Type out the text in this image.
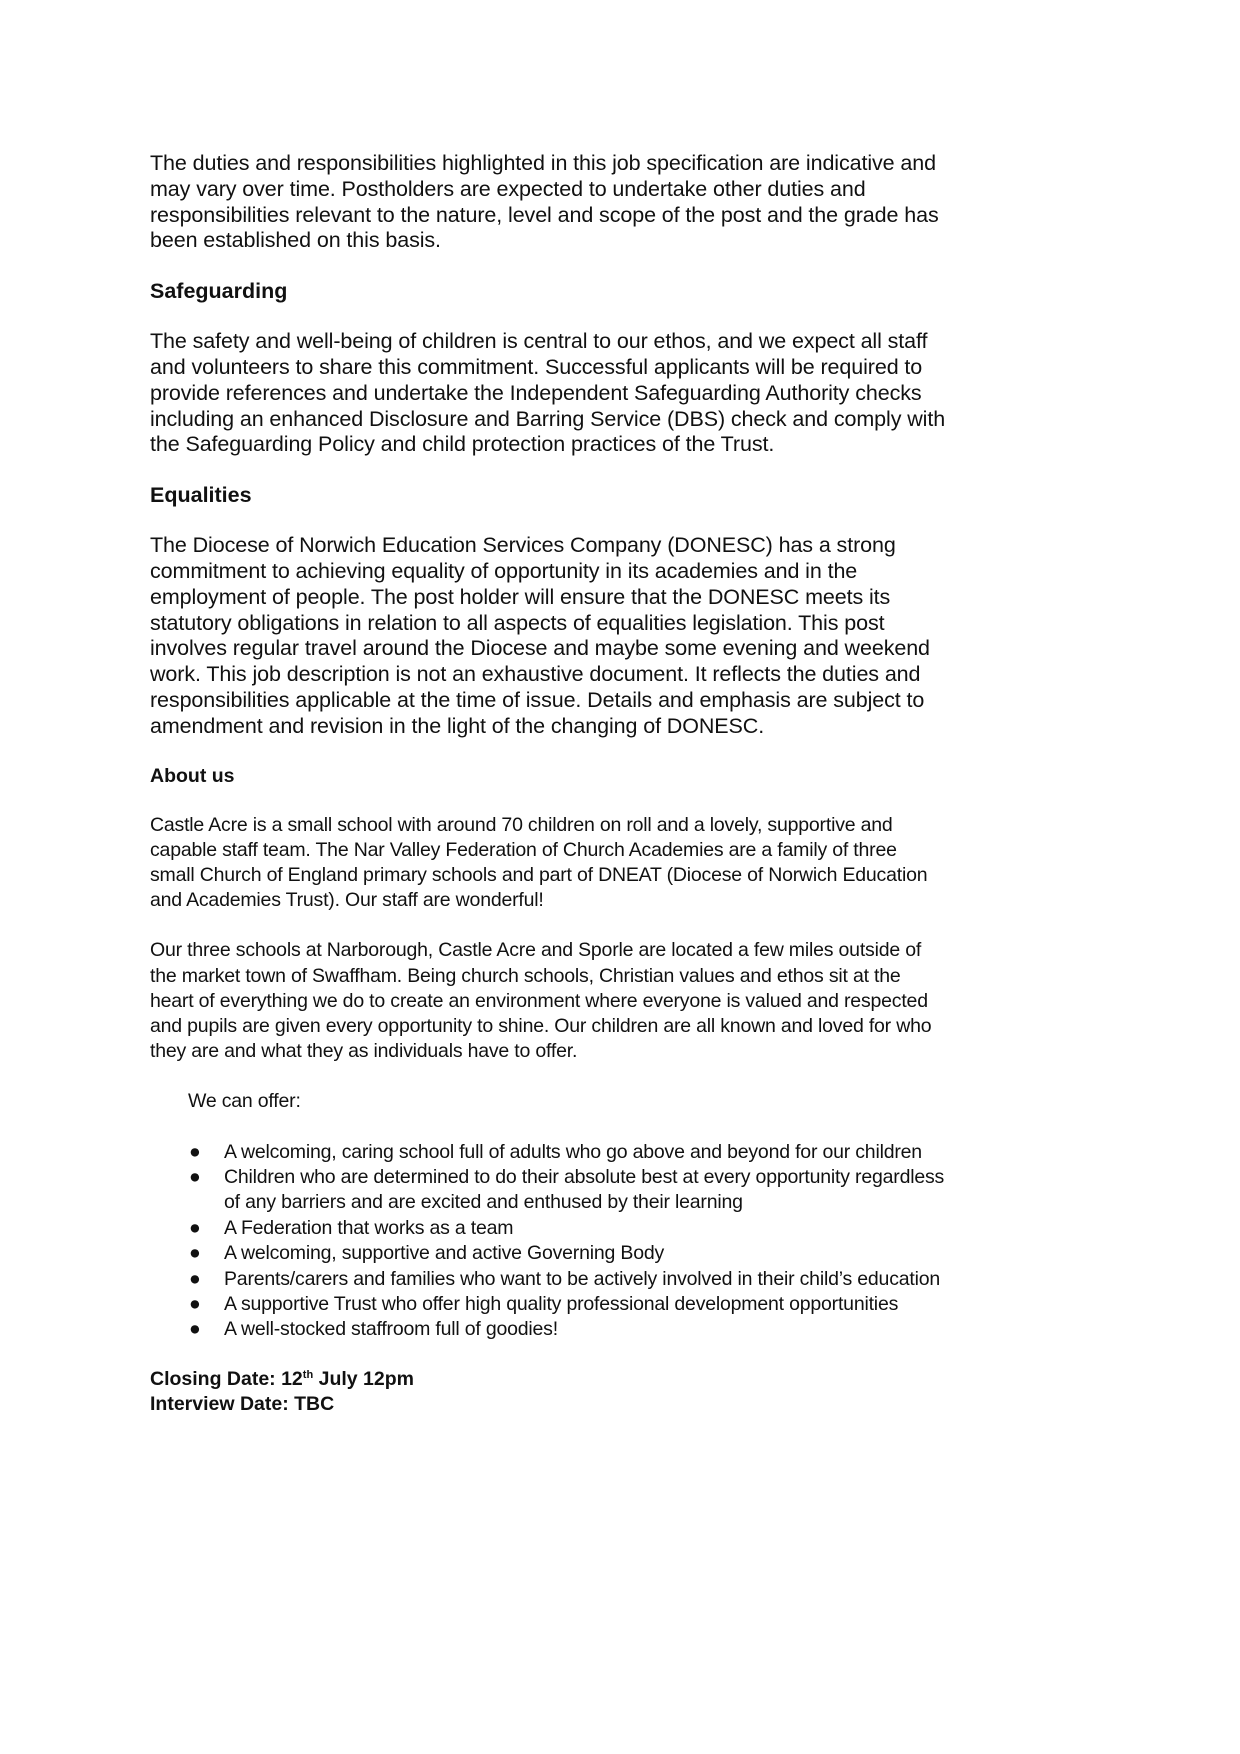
The duties and responsibilities highlighted in this job specification are indicative and
may vary over time. Postholders are expected to undertake other duties and
responsibilities relevant to the nature, level and scope of the post and the grade has
been established on this basis.
Safeguarding
The safety and well-being of children is central to our ethos, and we expect all staff
and volunteers to share this commitment. Successful applicants will be required to
provide references and undertake the Independent Safeguarding Authority checks
including an enhanced Disclosure and Barring Service (DBS) check and comply with
the Safeguarding Policy and child protection practices of the Trust.
Equalities
The Diocese of Norwich Education Services Company (DONESC) has a strong
commitment to achieving equality of opportunity in its academies and in the
employment of people. The post holder will ensure that the DONESC meets its
statutory obligations in relation to all aspects of equalities legislation. This post
involves regular travel around the Diocese and maybe some evening and weekend
work. This job description is not an exhaustive document. It reflects the duties and
responsibilities applicable at the time of issue. Details and emphasis are subject to
amendment and revision in the light of the changing of DONESC.
About us
Castle Acre is a small school with around 70 children on roll and a lovely, supportive and
capable staff team. The Nar Valley Federation of Church Academies are a family of three
small Church of England primary schools and part of DNEAT (Diocese of Norwich Education
and Academies Trust). Our staff are wonderful!
Our three schools at Narborough, Castle Acre and Sporle are located a few miles outside of
the market town of Swaffham. Being church schools, Christian values and ethos sit at the
heart of everything we do to create an environment where everyone is valued and respected
and pupils are given every opportunity to shine. Our children are all known and loved for who
they are and what they as individuals have to offer.
We can offer:
● A welcoming, caring school full of adults who go above and beyond for our children
● Children who are determined to do their absolute best at every opportunity regardless
of any barriers and are excited and enthused by their learning
● A Federation that works as a team
● A welcoming, supportive and active Governing Body
● Parents/carers and families who want to be actively involved in their child’s education
● A supportive Trust who offer high quality professional development opportunities
● A well-stocked staffroom full of goodies!
Closing Date: 12th July 12pm
Interview Date: TBC
